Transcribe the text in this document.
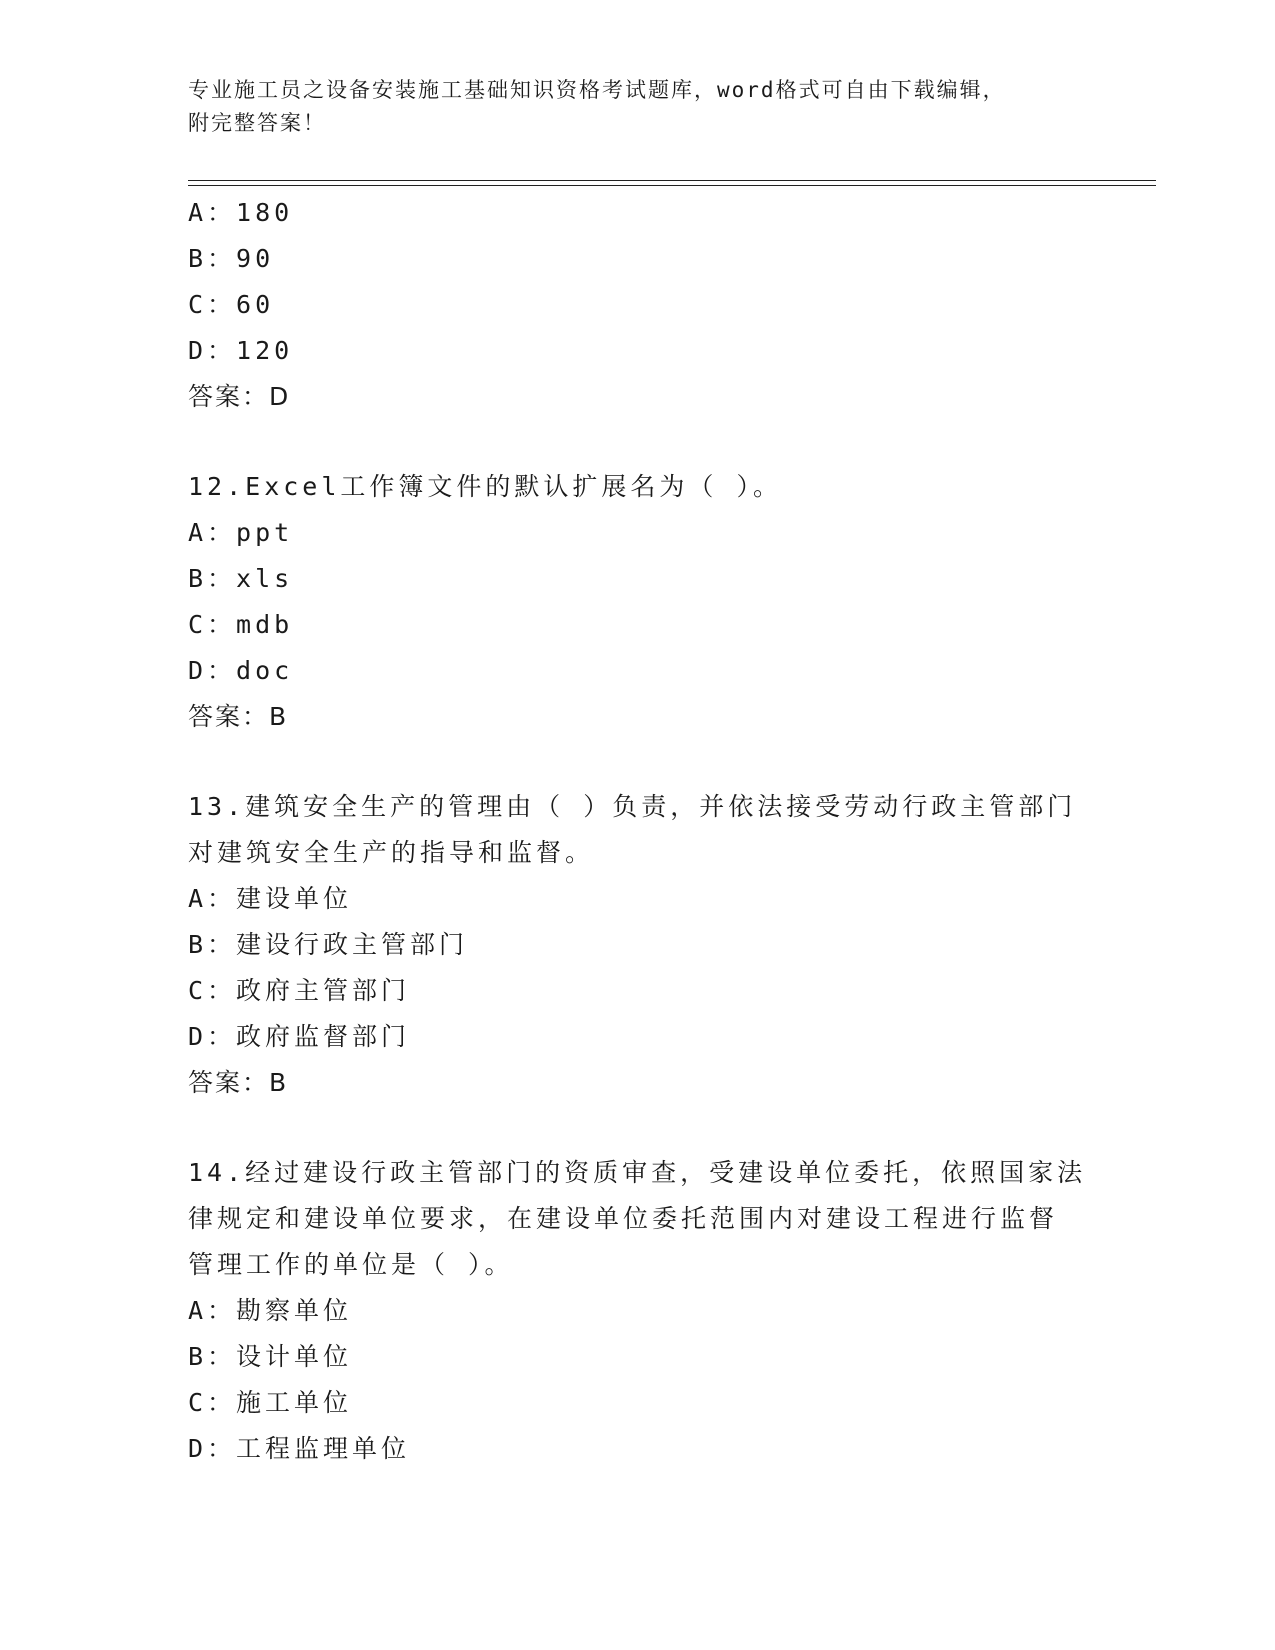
专业施工员之设备安装施工基础知识资格考试题库，word格式可自由下载编辑，
附完整答案！
A：180
B：90
C：60
D：120
答案：D
12.Excel工作簿文件的默认扩展名为（ ）。
A：ppt
B：xls
C：mdb
D：doc
答案：B
13.建筑安全生产的管理由（ ）负责，并依法接受劳动行政主管部门
对建筑安全生产的指导和监督。
A：建设单位
B：建设行政主管部门
C：政府主管部门
D：政府监督部门
答案：B
14.经过建设行政主管部门的资质审查，受建设单位委托，依照国家法
律规定和建设单位要求，在建设单位委托范围内对建设工程进行监督
管理工作的单位是（ ）。
A：勘察单位
B：设计单位
C：施工单位
D：工程监理单位
